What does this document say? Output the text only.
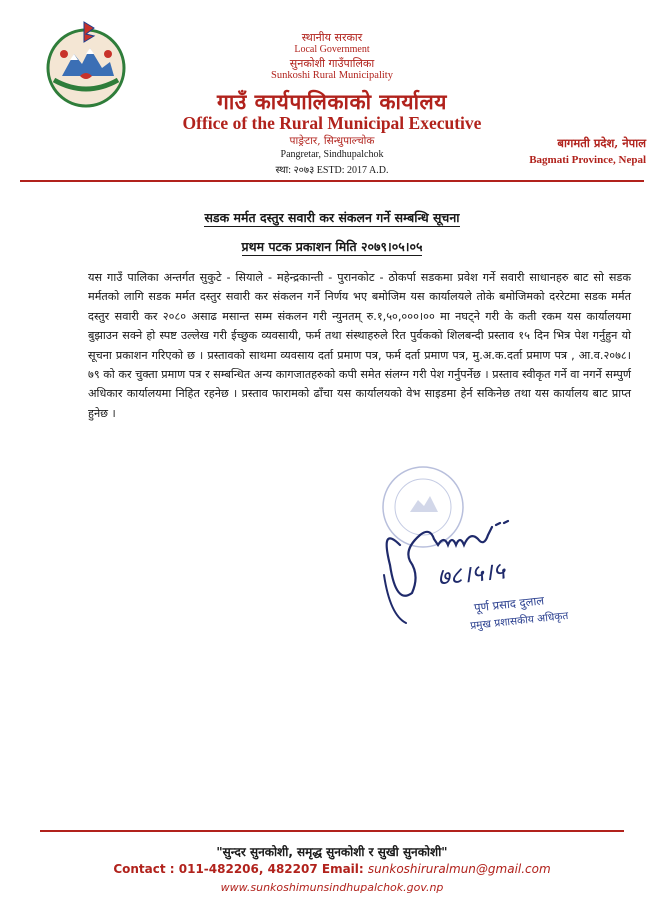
स्थानीय सरकार
Local Government
सुनकोशी गाउँपालिका
Sunkoshi Rural Municipality
गाउँ कार्यपालिकाको कार्यालय
Office of the Rural Municipal Executive
पाङ्रेटार, सिन्धुपाल्चोक
Pangretar, Sindhupalchok
स्था: २०७३ ESTD: 2017 A.D.
बागमती प्रदेश, नेपाल
Bagmati Province, Nepal
सडक मर्मत दस्तुर सवारी कर संकलन गर्ने सम्बन्धि सूचना
प्रथम पटक प्रकाशन मिति २०७९।०५।०५
यस गाउँ पालिका अन्तर्गत सुकुटे - सियाले - महेन्द्रकान्ती - पुरानकोट - ठोकर्पा सडकमा प्रवेश गर्ने सवारी साधानहरु बाट सो सडक मर्मतको लागि सडक मर्मत दस्तुर सवारी कर संकलन गर्ने निर्णय भए बमोजिम यस कार्यालयले तोके बमोजिमको दररेटमा सडक मर्मत दस्तुर सवारी कर २०८० असाढ मसान्त सम्म संकलन गरी न्युनतम् रु.१,५०,०००।०० मा नघट्ने गरी के कती रकम यस कार्यालयमा बुझाउन सक्ने हो स्पष्ट उल्लेख गरी ईच्छुक व्यवसायी, फर्म तथा संस्थाहरुले रित पुर्वकको शिलबन्दी प्रस्ताव १५ दिन भित्र पेश गर्नुहुन यो सूचना प्रकाशन गरिएको छ । प्रस्तावको साथमा व्यवसाय दर्ता प्रमाण पत्र, फर्म दर्ता प्रमाण पत्र, मु.अ.क.दर्ता प्रमाण पत्र , आ.व.२०७८।७९ को कर चुक्ता प्रमाण पत्र र सम्बन्धित अन्य कागजातहरुको कपी समेत संलग्न गरी पेश गर्नुपर्नेछ । प्रस्ताव स्वीकृत गर्ने वा नगर्ने सम्पुर्ण अधिकार कार्यालयमा निहित रहनेछ । प्रस्ताव फारामको ढाँचा यस कार्यालयको वेभ साइडमा हेर्न सकिनेछ तथा यस कार्यालय बाट प्राप्त हुनेछ ।
७८।५।५
पूर्ण प्रसाद दुलाल
प्रमुख प्रशासकीय अधिकृत
"सुन्दर सुनकोशी, समृद्ध सुनकोशी र सुखी सुनकोशी"
Contact : 011-482206, 482207 Email: sunkoshiruralmun@gmail.com
www.sunkoshimunsindhupalchok.gov.np
